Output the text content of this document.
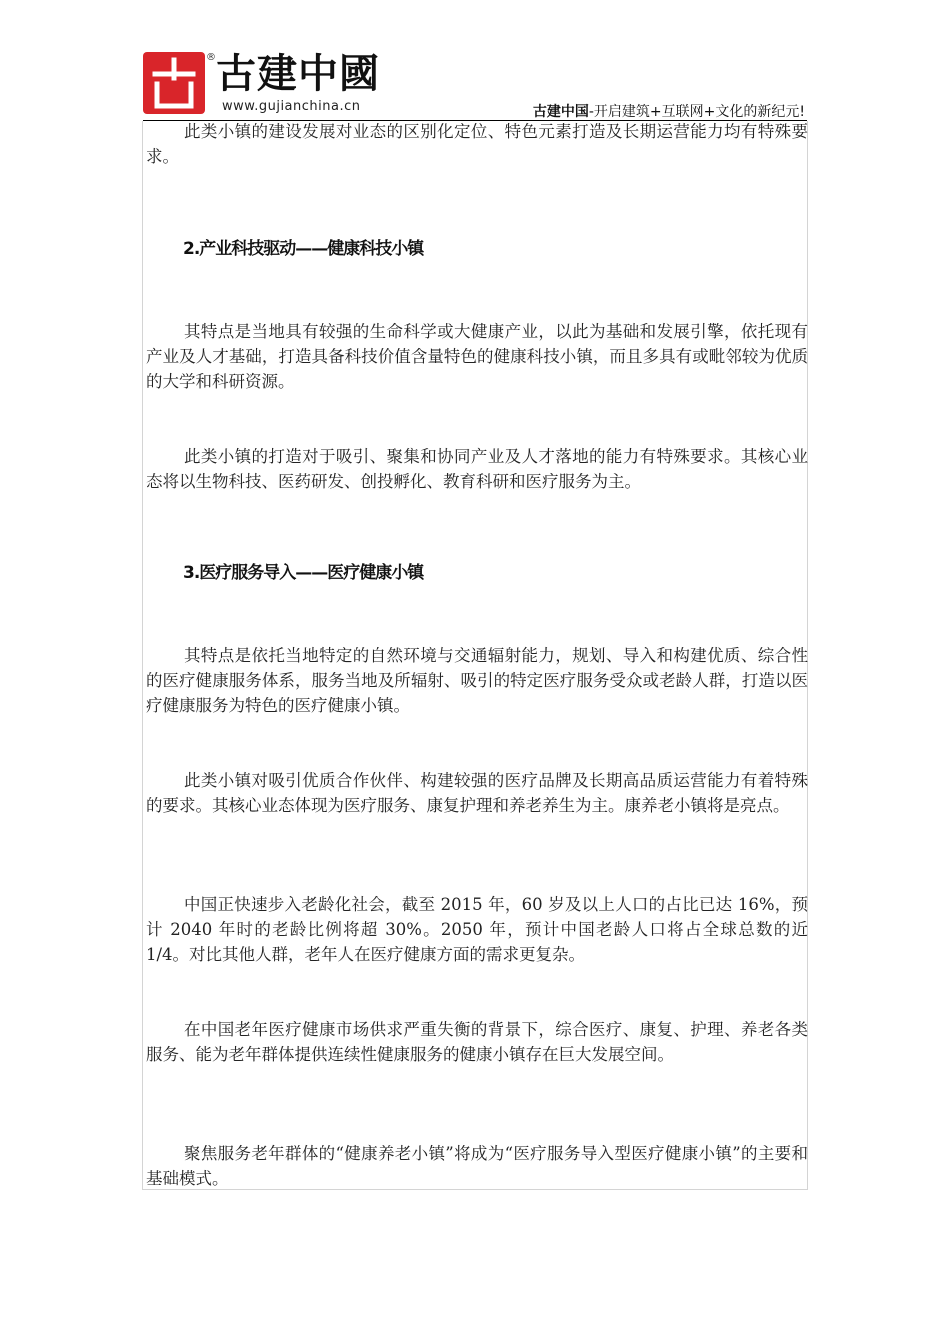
® 古建中國
www.gujianchina.cn	古建中国-开启建筑+互联网+文化的新纪元!

此类小镇的建设发展对业态的区别化定位、特色元素打造及长期运营能力均有特殊要求。

2.产业科技驱动——健康科技小镇

其特点是当地具有较强的生命科学或大健康产业，以此为基础和发展引擎，依托现有产业及人才基础，打造具备科技价值含量特色的健康科技小镇，而且多具有或毗邻较为优质的大学和科研资源。

此类小镇的打造对于吸引、聚集和协同产业及人才落地的能力有特殊要求。其核心业态将以生物科技、医药研发、创投孵化、教育科研和医疗服务为主。

3.医疗服务导入——医疗健康小镇

其特点是依托当地特定的自然环境与交通辐射能力，规划、导入和构建优质、综合性的医疗健康服务体系，服务当地及所辐射、吸引的特定医疗服务受众或老龄人群，打造以医疗健康服务为特色的医疗健康小镇。

此类小镇对吸引优质合作伙伴、构建较强的医疗品牌及长期高品质运营能力有着特殊的要求。其核心业态体现为医疗服务、康复护理和养老养生为主。康养老小镇将是亮点。

中国正快速步入老龄化社会，截至 2015 年，60 岁及以上人口的占比已达 16%，预计 2040 年时的老龄比例将超 30%。2050 年，预计中国老龄人口将占全球总数的近 1/4。对比其他人群，老年人在医疗健康方面的需求更复杂。

在中国老年医疗健康市场供求严重失衡的背景下，综合医疗、康复、护理、养老各类服务、能为老年群体提供连续性健康服务的健康小镇存在巨大发展空间。

聚焦服务老年群体的“健康养老小镇”将成为“医疗服务导入型医疗健康小镇”的主要和基础模式。
